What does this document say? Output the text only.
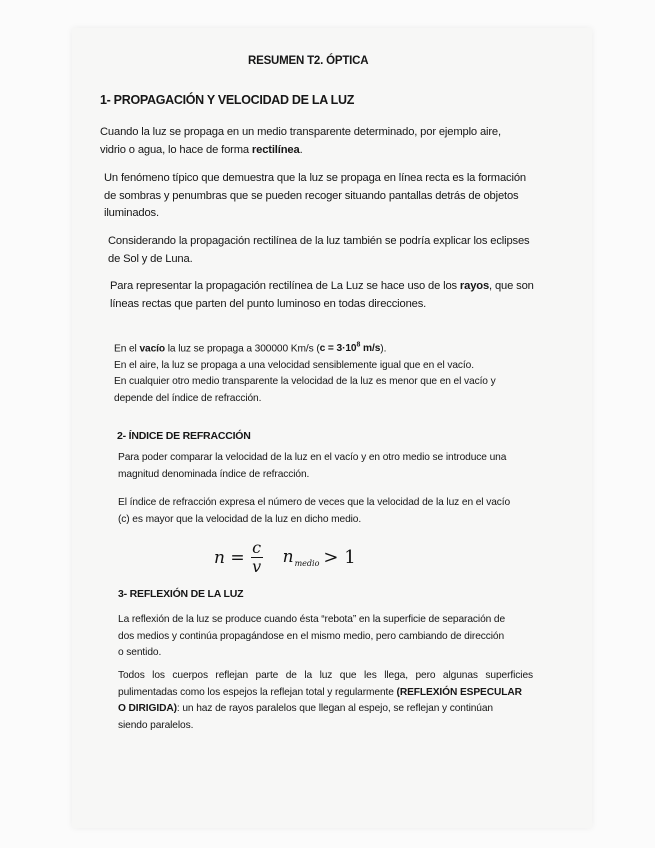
RESUMEN T2. ÓPTICA
1- PROPAGACIÓN Y VELOCIDAD DE LA LUZ
Cuando la luz se propaga en un medio transparente determinado, por ejemplo aire,
vidrio o agua, lo hace de forma rectilínea.
Un fenómeno típico que demuestra que la luz se propaga en línea recta es la formación
de sombras y penumbras que se pueden recoger situando pantallas detrás de objetos
iluminados.
Considerando la propagación rectilínea de la luz también se podría explicar los eclipses
de Sol y de Luna.
Para representar la propagación rectilínea de La Luz se hace uso de los rayos, que son
líneas rectas que parten del punto luminoso en todas direcciones.
En el vacío la luz se propaga a 300000 Km/s ($c = 3\cdot 10^8$ m/s).
En el aire, la luz se propaga a una velocidad sensiblemente igual que en el vacío.
En cualquier otro medio transparente la velocidad de la luz es menor que en el vacío y
depende del índice de refracción.
2- ÍNDICE DE REFRACCIÓN
Para poder comparar la velocidad de la luz en el vacío y en otro medio se introduce una
magnitud denominada índice de refracción.
El índice de refracción expresa el número de veces que la velocidad de la luz en el vacío
(c) es mayor que la velocidad de la luz en dicho medio.
$n = \frac{c}{v} n_{medio} > 1$
3- REFLEXIÓN DE LA LUZ
La reflexión de la luz se produce cuando ésta “rebota” en la superficie de separación de
dos medios y continúa propagándose en el mismo medio, pero cambiando de dirección
o sentido.
Todos los cuerpos reflejan parte de la luz que les llega, pero algunas superficies
pulimentadas como los espejos la reflejan total y regularmente (REFLEXIÓN ESPECULAR
O DIRIGIDA): un haz de rayos paralelos que llegan al espejo, se reflejan y continúan
siendo paralelos.
